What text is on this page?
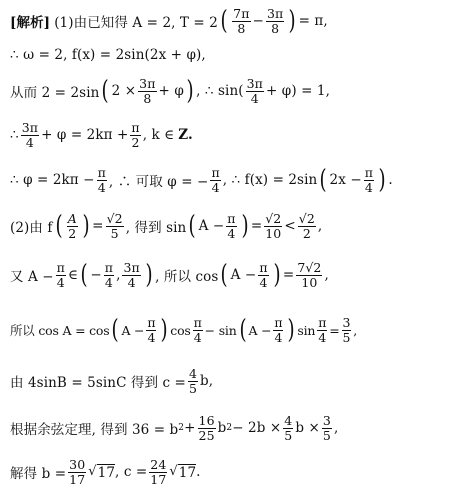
[解析] (1)由已知得 A = 2, T = 2 ( $\frac{7\pi}{8} - \frac{3\pi}{8}$ ) = π,
∴ ω = 2, f(x) = 2sin(2x + φ),
从而 2 = 2sin ( $2 \times \frac{3\pi}{8} + \varphi$ ) , ∴ $\sin( \frac{3\pi}{4} + \varphi) = 1$,
∴ $\frac{3\pi}{4} + \varphi = 2k\pi + \frac{\pi}{2}$ , k ∈ Z.
∴ $\varphi = 2k\pi - \frac{\pi}{4}$ , ∴ 可取 φ = − $\frac{\pi}{4}$ , ∴ f(x) = 2sin ( $2x - \frac{\pi}{4}$ ) .
(2)由 f ( $\frac{A}{2}$ ) = $\frac{√2}{5}$ , 得到 sin ( $A - \frac{\pi}{4}$ ) = $\frac{√2}{10} < \frac{√2}{2}$ ,
又 $A - \frac{\pi}{4}$ ∈ ( − $\frac{\pi}{4}$ , $\frac{3\pi}{4}$ ) , 所以 cos ( $A - \frac{\pi}{4}$ ) = $\frac{7√2}{10}$ ,
所以 cos A = cos ( $A - \frac{\pi}{4}$ ) $\cos \frac{\pi}{4} - \sin$ ( $A - \frac{\pi}{4}$ ) $\sin \frac{\pi}{4} = \frac{3}{5}$ ,
由 4sinB = 5sinC 得到 $c = \frac{4}{5} b$,
根据余弦定理, 得到 36 = b $2 + \frac{16}{25}$ b $2 - 2b \times \frac{4}{5}$ $b \times \frac{3}{5}$ ,
解得 $b = \frac{30}{17}$ √ 17 , $c = \frac{24}{17}$ √ 17 .
